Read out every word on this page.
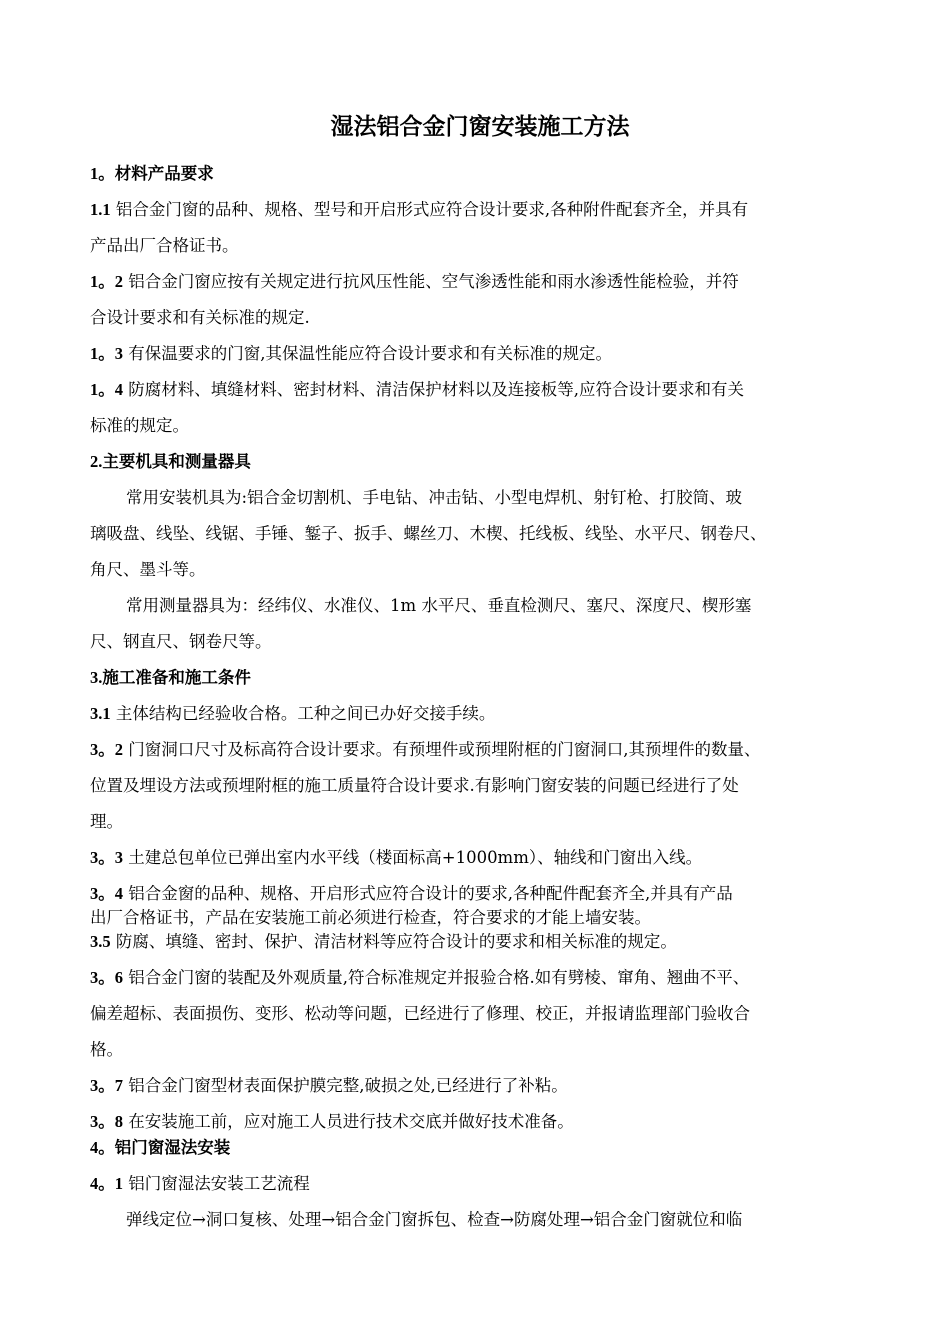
湿法铝合金门窗安装施工方法
1。材料产品要求
1.1 铝合金门窗的品种、规格、型号和开启形式应符合设计要求,各种附件配套齐全，并具有
产品出厂合格证书。
1。2 铝合金门窗应按有关规定进行抗风压性能、空气渗透性能和雨水渗透性能检验，并符
合设计要求和有关标准的规定.
1。3 有保温要求的门窗,其保温性能应符合设计要求和有关标准的规定。
1。4 防腐材料、填缝材料、密封材料、清洁保护材料以及连接板等,应符合设计要求和有关
标准的规定。
2.主要机具和测量器具
常用安装机具为:铝合金切割机、手电钻、冲击钻、小型电焊机、射钉枪、打胶筒、玻
璃吸盘、线坠、线锯、手锤、錾子、扳手、螺丝刀、木楔、托线板、线坠、水平尺、钢卷尺、
角尺、墨斗等。
常用测量器具为：经纬仪、水准仪、1m 水平尺、垂直检测尺、塞尺、深度尺、楔形塞
尺、钢直尺、钢卷尺等。
3.施工准备和施工条件
3.1 主体结构已经验收合格。工种之间已办好交接手续。
3。2 门窗洞口尺寸及标高符合设计要求。有预埋件或预埋附框的门窗洞口,其预埋件的数量、
位置及埋设方法或预埋附框的施工质量符合设计要求.有影响门窗安装的问题已经进行了处
理。
3。3 土建总包单位已弹出室内水平线（楼面标高+1000mm）、轴线和门窗出入线。
3。4 铝合金窗的品种、规格、开启形式应符合设计的要求,各种配件配套齐全,并具有产品
出厂合格证书，产品在安装施工前必须进行检查，符合要求的才能上墙安装。
3.5 防腐、填缝、密封、保护、清洁材料等应符合设计的要求和相关标准的规定。
3。6 铝合金门窗的装配及外观质量,符合标准规定并报验合格.如有劈棱、窜角、翘曲不平、
偏差超标、表面损伤、变形、松动等问题，已经进行了修理、校正，并报请监理部门验收合
格。
3。7 铝合金门窗型材表面保护膜完整,破损之处,已经进行了补粘。
3。8 在安装施工前，应对施工人员进行技术交底并做好技术准备。
4。铝门窗湿法安装
4。1 铝门窗湿法安装工艺流程
弹线定位→洞口复核、处理→铝合金门窗拆包、检查→防腐处理→铝合金门窗就位和临
